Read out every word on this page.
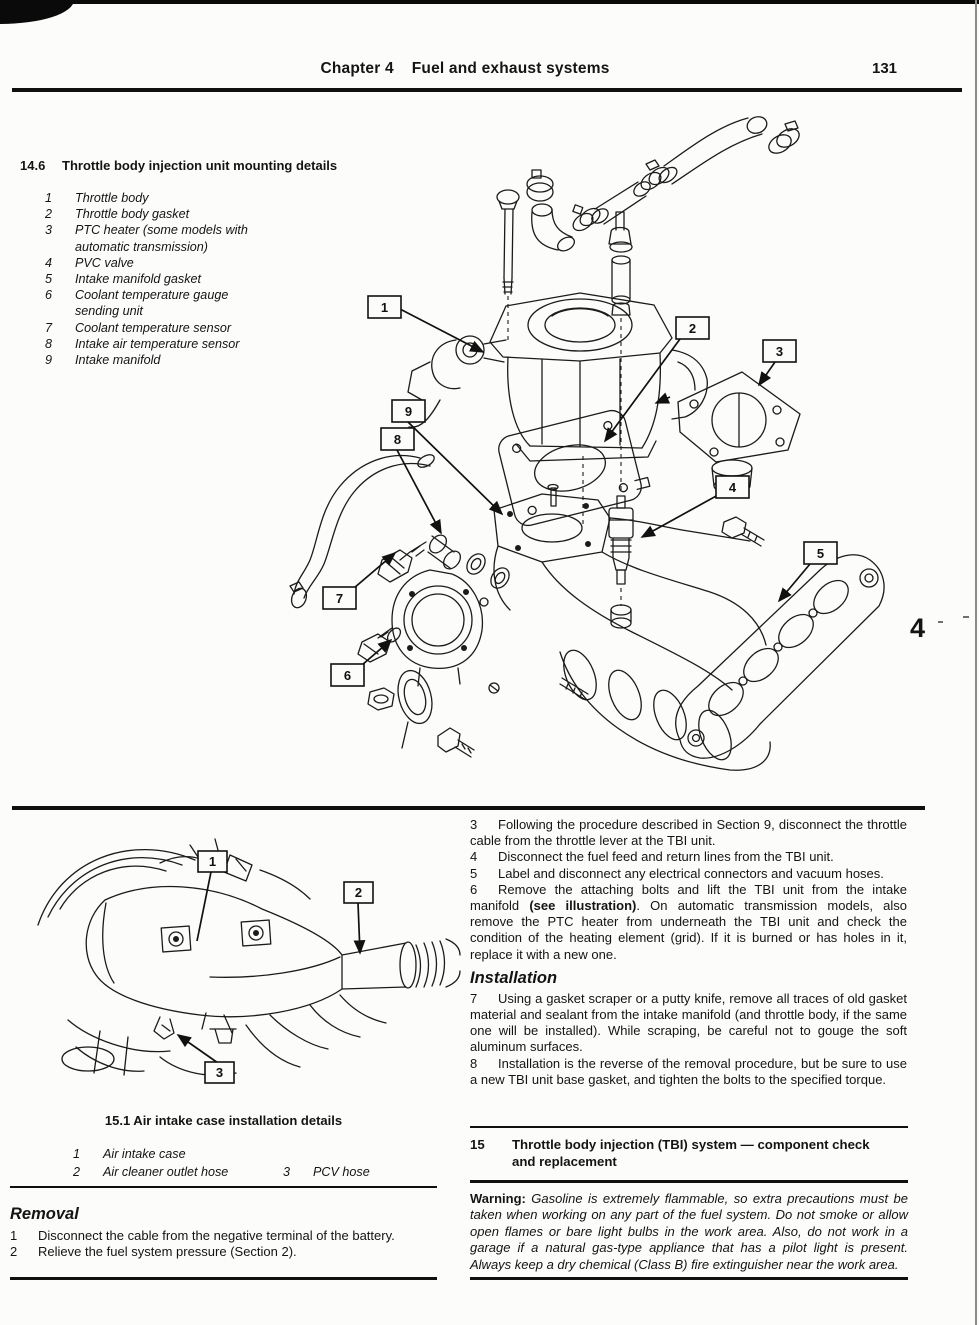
Chapter 4 Fuel and exhaust systems	131
14.6	Throttle body injection unit mounting details
1	Throttle body
2	Throttle body gasket
3	PTC heater (some models with automatic transmission)
4	PVC valve
5	Intake manifold gasket
6	Coolant temperature gauge sending unit
7	Coolant temperature sensor
8	Intake air temperature sensor
9	Intake manifold
4
1
2
3
4
5
6
7
8
9
1
2
3
15.1 Air intake case installation details
1	Air intake case
2	Air cleaner outlet hose	3	PCV hose
Removal

1 Disconnect the cable from the negative terminal of the battery.

2 Relieve the fuel system pressure (Section 2).

3 Following the procedure described in Section 9, disconnect the throttle cable from the throttle lever at the TBI unit.

4 Disconnect the fuel feed and return lines from the TBI unit.

5 Label and disconnect any electrical connectors and vacuum hoses.

6 Remove the attaching bolts and lift the TBI unit from the intake manifold (see illustration). On automatic transmission models, also remove the PTC heater from underneath the TBI unit and check the condition of the heating element (grid). If it is burned or has holes in it, replace it with a new one.

Installation

7 Using a gasket scraper or a putty knife, remove all traces of old gasket material and sealant from the intake manifold (and throttle body, if the same one will be installed). While scraping, be careful not to gouge the soft aluminum surfaces.

8 Installation is the reverse of the removal procedure, but be sure to use a new TBI unit base gasket, and tighten the bolts to the specified torque.

15	Throttle body injection (TBI) system — component check
and replacement
Warning: Gasoline is extremely flammable, so extra precautions must be taken when working on any part of the fuel system. Do not smoke or allow open flames or bare light bulbs in the work area. Also, do not work in a garage if a natural gas-type appliance that has a pilot light is present. Always keep a dry chemical (Class B) fire extinguisher near the work area.
